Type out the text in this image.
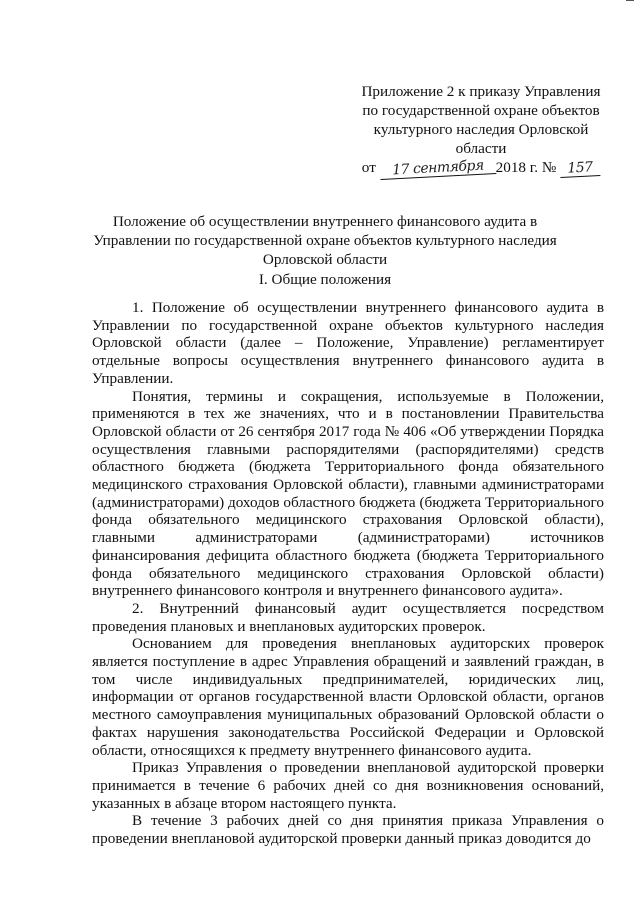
Приложение 2 к приказу Управления
по государственной охране объектов
культурного наследия Орловской
области
от 17 сентября 2018 г. № 157
Положение об осуществлении внутреннего финансового аудита в Управлении по государственной охране объектов культурного наследия Орловской области
I. Общие положения

1. Положение об осуществлении внутреннего финансового аудита в Управлении по государственной охране объектов культурного наследия Орловской области (далее – Положение, Управление) регламентирует отдельные вопросы осуществления внутреннего финансового аудита в Управлении.

Понятия, термины и сокращения, используемые в Положении, применяются в тех же значениях, что и в постановлении Правительства Орловской области от 26 сентября 2017 года № 406 «Об утверждении Порядка осуществления главными распорядителями (распорядителями) средств областного бюджета (бюджета Территориального фонда обязательного медицинского страхования Орловской области), главными администраторами (администраторами) доходов областного бюджета (бюджета Территориального фонда обязательного медицинского страхования Орловской области), главными администраторами (администраторами) источников финансирования дефицита областного бюджета (бюджета Территориального фонда обязательного медицинского страхования Орловской области) внутреннего финансового контроля и внутреннего финансового аудита».

2. Внутренний финансовый аудит осуществляется посредством проведения плановых и внеплановых аудиторских проверок.

Основанием для проведения внеплановых аудиторских проверок является поступление в адрес Управления обращений и заявлений граждан, в том числе индивидуальных предпринимателей, юридических лиц, информации от органов государственной власти Орловской области, органов местного самоуправления муниципальных образований Орловской области о фактах нарушения законодательства Российской Федерации и Орловской области, относящихся к предмету внутреннего финансового аудита.

Приказ Управления о проведении внеплановой аудиторской проверки принимается в течение 6 рабочих дней со дня возникновения оснований, указанных в абзаце втором настоящего пункта.

В течение 3 рабочих дней со дня принятия приказа Управления о проведении внеплановой аудиторской проверки данный приказ доводится до
